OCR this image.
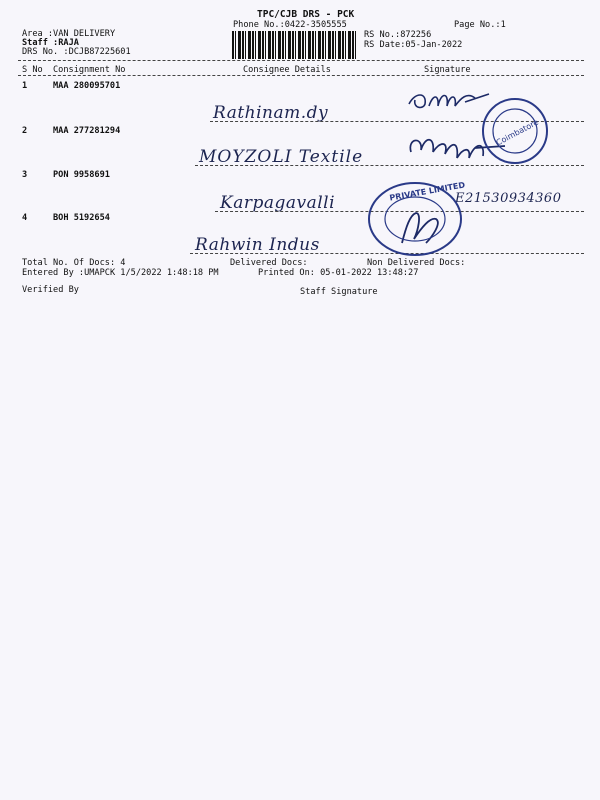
TPC/CJB DRS - PCK
Phone No.:0422-3505555	Page No.:1
Area :VAN DELIVERY
Staff :RAJA
DRS No. :DCJB87225601
RS No.:872256
RS Date:05-Jan-2022
S No Consignment No	Consignee Details	Signature
1	MAA 280095701
Rathinam.dy
2	MAA 277281294
MOYZOLI Textile
3	PON 9958691
Karpagavalli	E21530934360
4	BOH 5192654
Rahwin Indus
Coimbatore
PRIVATE LIMITED
Total No. Of Docs: 4	Delivered Docs:	Non Delivered Docs:
Entered By :UMAPCK 1/5/2022 1:48:18 PM	Printed On: 05-01-2022 13:48:27
Verified By	Staff Signature
